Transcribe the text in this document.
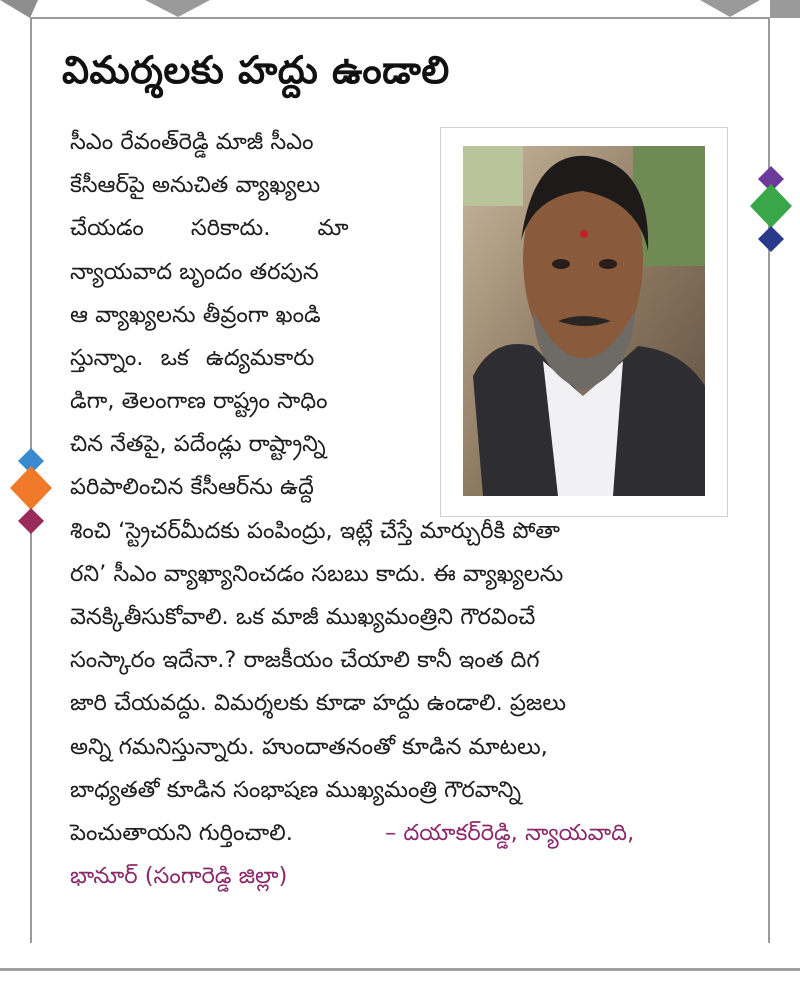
విమర్శలకు హద్దు ఉండాలి
సీఎం రేవంత్‌రెడ్డి మాజీ సీఎం
కేసీఆర్‌పై అనుచిత వ్యాఖ్యలు
చేయడం సరికాదు. మా
న్యాయవాద బృందం తరపున
ఆ వ్యాఖ్యలను తీవ్రంగా ఖండి
స్తున్నాం. ఒక ఉద్యమకారు
డిగా, తెలంగాణ రాష్ట్రం సాధిం
చిన నేతపై, పదేండ్లు రాష్ట్రాన్ని
పరిపాలించిన కేసీఆర్‌ను ఉద్దే
శించి ‘స్ట్రెచర్‌మీదకు పంపింద్రు, ఇట్లే చేస్తే మార్చురీకి పోతా
రని’ సీఎం వ్యాఖ్యానించడం సబబు కాదు. ఈ వ్యాఖ్యలను
వెనక్కితీసుకోవాలి. ఒక మాజీ ముఖ్యమంత్రిని గౌరవించే
సంస్కారం ఇదేనా.? రాజకీయం చేయాలి కానీ ఇంత దిగ
జారి చేయవద్దు. విమర్శలకు కూడా హద్దు ఉండాలి. ప్రజలు
అన్ని గమనిస్తున్నారు. హుందాతనంతో కూడిన మాటలు,
బాధ్యతతో కూడిన సంభాషణ ముఖ్యమంత్రి గౌరవాన్ని
పెంచుతాయని గుర్తించాలి.	– దయాకర్‌రెడ్డి, న్యాయవాది,
భానూర్ (సంగారెడ్డి జిల్లా)
